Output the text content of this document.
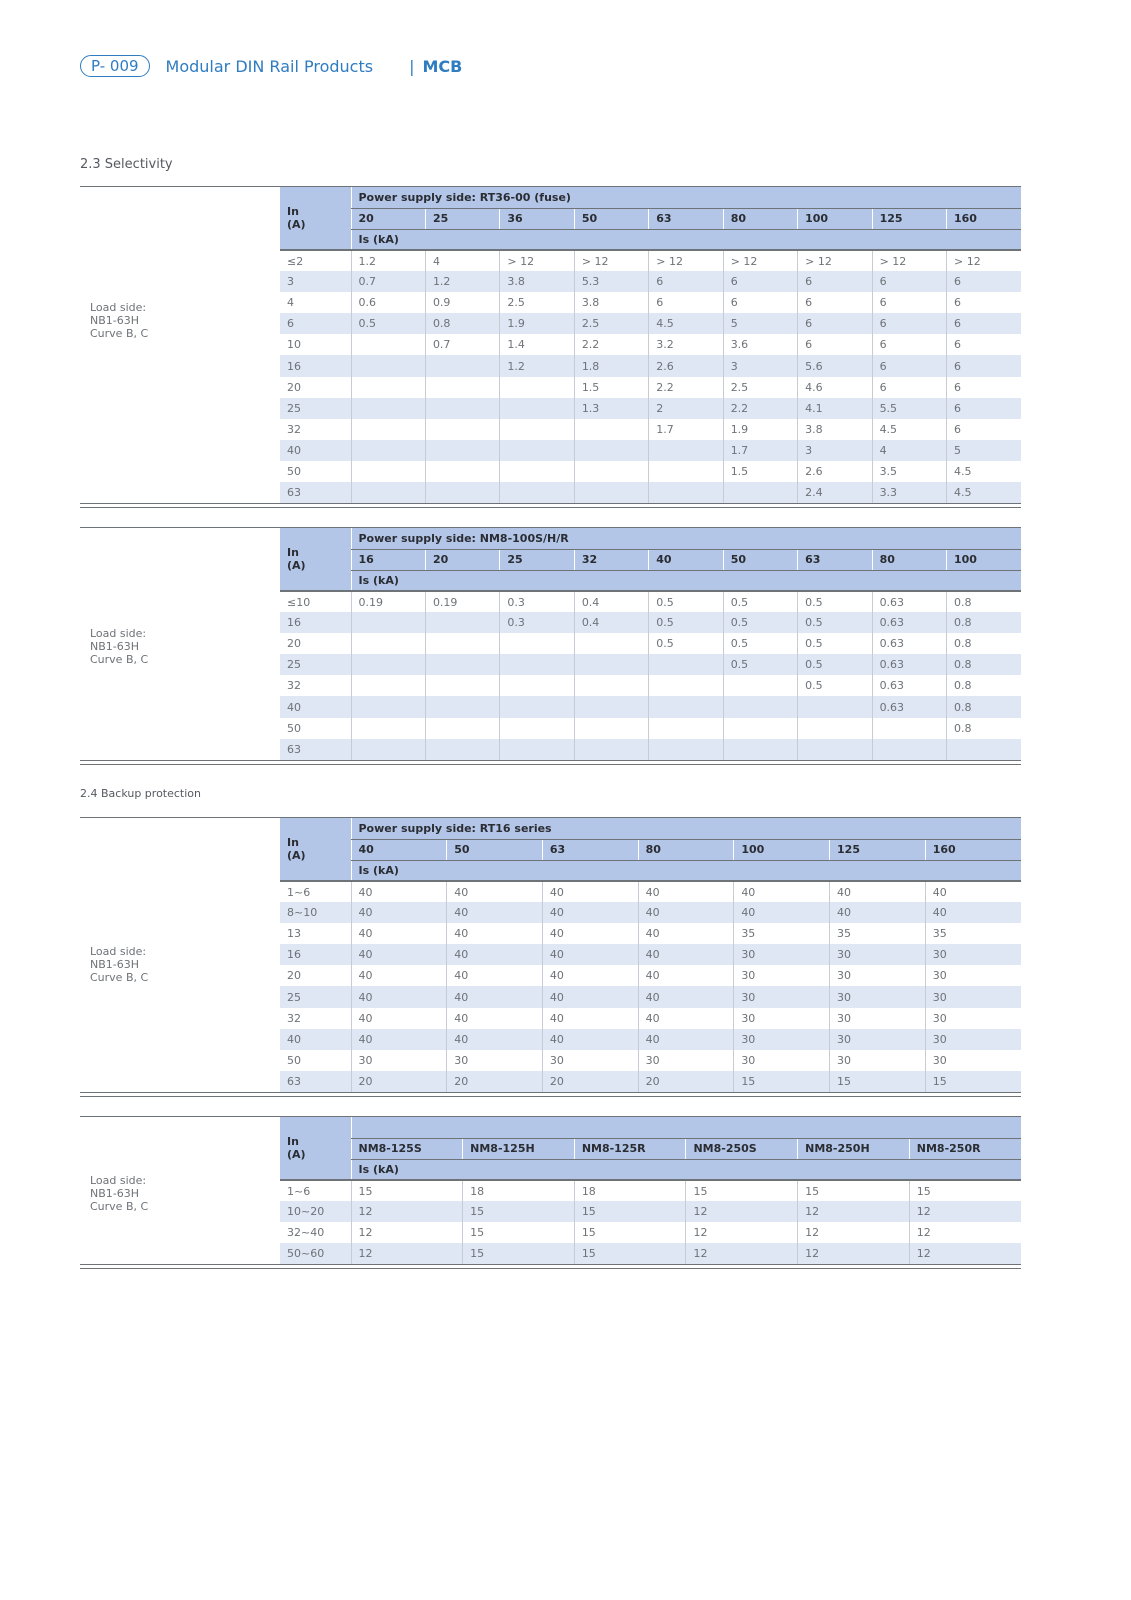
P- 009	Modular DIN Rail Products | MCB
2.3 Selectivity
2.4 Backup protection
Load side:
NB1-63H
Curve B, C
In
(A)	Power supply side: RT36-00 (fuse)								
	20	25	36	50	63	80	100	125	160
	Is (kA)								
≤2	1.2	4	> 12	> 12	> 12	> 12	> 12	> 12	> 12
3	0.7	1.2	3.8	5.3	6	6	6	6	6
4	0.6	0.9	2.5	3.8	6	6	6	6	6
6	0.5	0.8	1.9	2.5	4.5	5	6	6	6
10		0.7	1.4	2.2	3.2	3.6	6	6	6
16			1.2	1.8	2.6	3	5.6	6	6
20				1.5	2.2	2.5	4.6	6	6
25				1.3	2	2.2	4.1	5.5	6
32					1.7	1.9	3.8	4.5	6
40						1.7	3	4	5
50						1.5	2.6	3.5	4.5
63							2.4	3.3	4.5
Load side:
NB1-63H
Curve B, C
In
(A)	Power supply side: NM8-100S/H/R								
	16	20	25	32	40	50	63	80	100
	Is (kA)								
≤10	0.19	0.19	0.3	0.4	0.5	0.5	0.5	0.63	0.8
16			0.3	0.4	0.5	0.5	0.5	0.63	0.8
20					0.5	0.5	0.5	0.63	0.8
25						0.5	0.5	0.63	0.8
32							0.5	0.63	0.8
40								0.63	0.8
50									0.8
63									
Load side:
NB1-63H
Curve B, C
In
(A)	Power supply side: RT16 series						
	40	50	63	80	100	125	160
	Is (kA)						
1~6	40	40	40	40	40	40	40
8~10	40	40	40	40	40	40	40
13	40	40	40	40	35	35	35
16	40	40	40	40	30	30	30
20	40	40	40	40	30	30	30
25	40	40	40	40	30	30	30
32	40	40	40	40	30	30	30
40	40	40	40	40	30	30	30
50	30	30	30	30	30	30	30
63	20	20	20	20	15	15	15
Load side:
NB1-63H
Curve B, C
In
(A)						

	NM8-125S	NM8-125H	NM8-125R	NM8-250S	NM8-250H	NM8-250R
	Is (kA)					
1~6	15	18	18	15	15	15
10~20	12	15	15	12	12	12
32~40	12	15	15	12	12	12
50~60	12	15	15	12	12	12
